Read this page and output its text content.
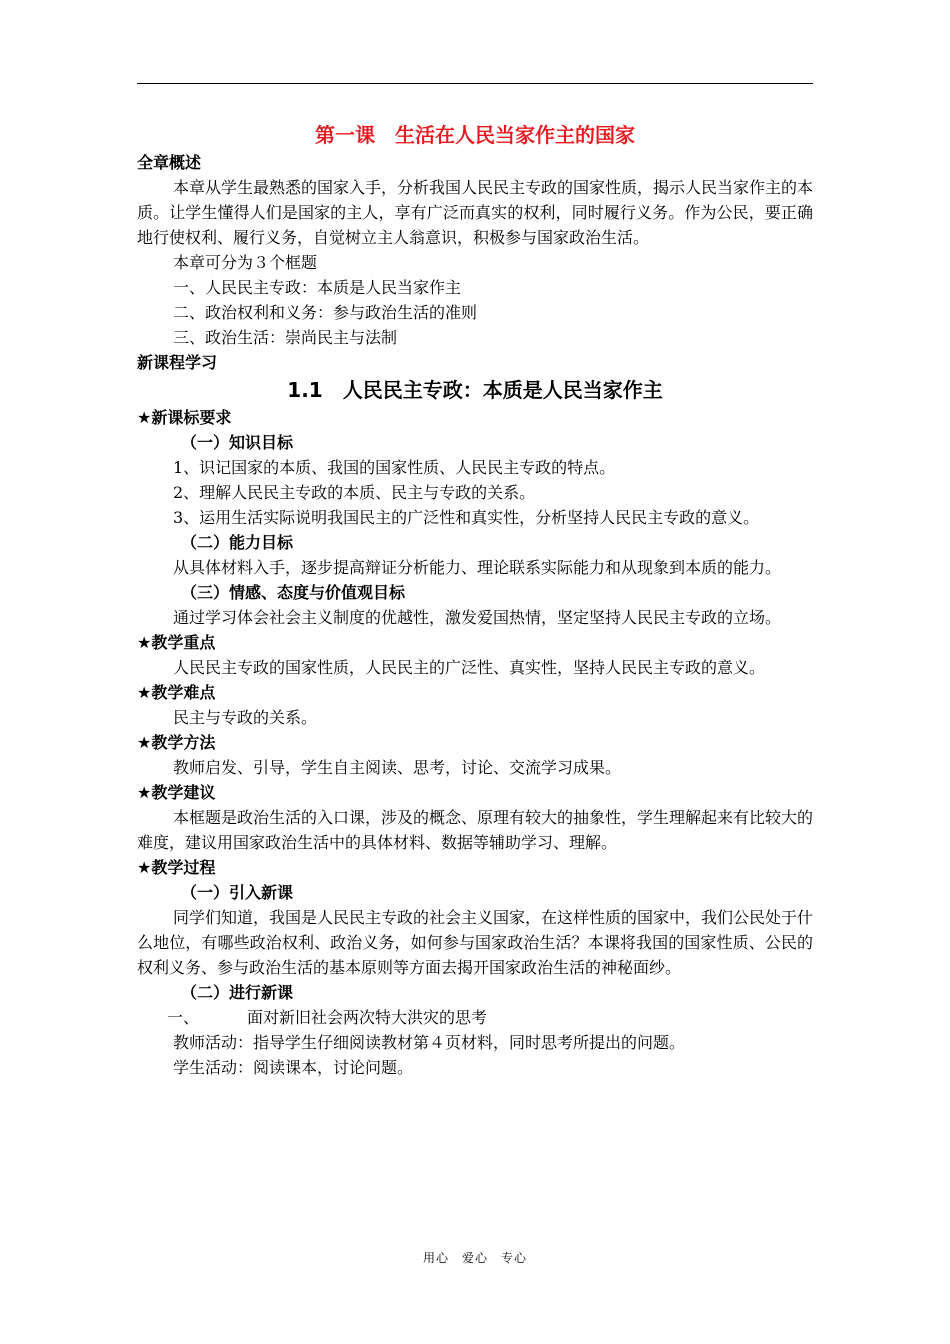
第一课　生活在人民当家作主的国家

全章概述

本章从学生最熟悉的国家入手，分析我国人民民主专政的国家性质，揭示人民当家作主的本质。让学生懂得人们是国家的主人，享有广泛而真实的权利，同时履行义务。作为公民，要正确地行使权利、履行义务，自觉树立主人翁意识，积极参与国家政治生活。

本章可分为３个框题

一、人民民主专政：本质是人民当家作主

二、政治权利和义务：参与政治生活的准则

三、政治生活：崇尚民主与法制

新课程学习

1.1　人民民主专政：本质是人民当家作主

★新课标要求

（一）知识目标

1、识记国家的本质、我国的国家性质、人民民主专政的特点。

2、理解人民民主专政的本质、民主与专政的关系。

3、运用生活实际说明我国民主的广泛性和真实性，分析坚持人民民主专政的意义。

（二）能力目标

从具体材料入手，逐步提高辩证分析能力、理论联系实际能力和从现象到本质的能力。

（三）情感、态度与价值观目标

通过学习体会社会主义制度的优越性，激发爱国热情，坚定坚持人民民主专政的立场。

★教学重点

人民民主专政的国家性质，人民民主的广泛性、真实性，坚持人民民主专政的意义。

★教学难点

民主与专政的关系。

★教学方法

教师启发、引导，学生自主阅读、思考，讨论、交流学习成果。

★教学建议

本框题是政治生活的入口课，涉及的概念、原理有较大的抽象性，学生理解起来有比较大的难度，建议用国家政治生活中的具体材料、数据等辅助学习、理解。

★教学过程

（一）引入新课

同学们知道，我国是人民民主专政的社会主义国家，在这样性质的国家中，我们公民处于什么地位，有哪些政治权利、政治义务，如何参与国家政治生活？本课将我国的国家性质、公民的权利义务、参与政治生活的基本原则等方面去揭开国家政治生活的神秘面纱。

（二）进行新课

一、	面对新旧社会两次特大洪灾的思考

教师活动：指导学生仔细阅读教材第４页材料，同时思考所提出的问题。

学生活动：阅读课本，讨论问题。

用心　爱心　专心
